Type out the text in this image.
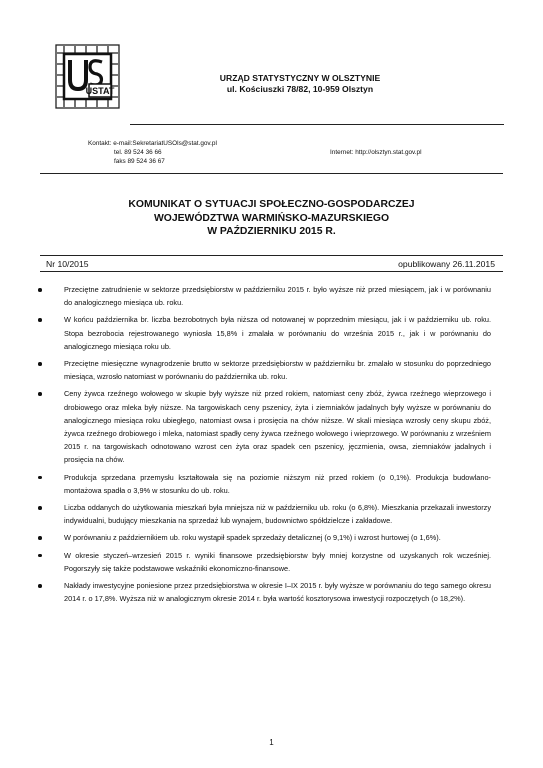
USTAT
URZĄD STATYSTYCZNY W OLSZTYNIE
ul. Kościuszki 78/82, 10-959 Olsztyn
Kontakt: e-mail:SekretariatUSOls@stat.gov.pl
tel. 89 524 36 66
faks 89 524 36 67
Internet: http://olsztyn.stat.gov.pl
KOMUNIKAT O SYTUACJI SPOŁECZNO-GOSPODARCZEJ
WOJEWÓDZTWA WARMIŃSKO-MAZURSKIEGO
W PAŹDZIERNIKU 2015 R.
Nr 10/2015	opublikowany 26.11.2015
Przeciętne zatrudnienie w sektorze przedsiębiorstw w październiku 2015 r. było wyższe niż przed miesiącem, jak i w porównaniu do analogicznego miesiąca ub. roku.
W końcu października br. liczba bezrobotnych była niższa od notowanej w poprzednim miesiącu, jak i w październiku ub. roku. Stopa bezrobocia rejestrowanego wyniosła 15,8% i zmalała w porównaniu do września 2015 r., jak i w porównaniu do analogicznego miesiąca roku ub.
Przeciętne miesięczne wynagrodzenie brutto w sektorze przedsiębiorstw w październiku br. zmalało w stosunku do poprzedniego miesiąca, wzrosło natomiast w porównaniu do października ub. roku.
Ceny żywca rzeźnego wołowego w skupie były wyższe niż przed rokiem, natomiast ceny zbóż, żywca rzeźnego wieprzowego i drobiowego oraz mleka były niższe. Na targowiskach ceny pszenicy, żyta i ziemniaków jadalnych były wyższe w porównaniu do analogicznego miesiąca roku ubiegłego, natomiast owsa i prosięcia na chów niższe. W skali miesiąca wzrosły ceny skupu zbóż, żywca rzeźnego drobiowego i mleka, natomiast spadły ceny żywca rzeźnego wołowego i wieprzowego. W porównaniu z wrześniem 2015 r. na targowiskach odnotowano wzrost cen żyta oraz spadek cen pszenicy, jęczmienia, owsa, ziemniaków jadalnych i prosięcia na chów.
Produkcja sprzedana przemysłu kształtowała się na poziomie niższym niż przed rokiem (o 0,1%). Produkcja budowlano-montażowa spadła o 3,9% w stosunku do ub. roku.
Liczba oddanych do użytkowania mieszkań była mniejsza niż w październiku ub. roku (o 6,8%). Mieszkania przekazali inwestorzy indywidualni, budujący mieszkania na sprzedaż lub wynajem, budownictwo spółdzielcze i zakładowe.
W porównaniu z październikiem ub. roku wystąpił spadek sprzedaży detalicznej (o 9,1%) i wzrost hurtowej (o 1,6%).
W okresie styczeń–wrzesień 2015 r. wyniki finansowe przedsiębiorstw były mniej korzystne od uzyskanych rok wcześniej. Pogorszyły się także podstawowe wskaźniki ekonomiczno-finansowe.
Nakłady inwestycyjne poniesione przez przedsiębiorstwa w okresie I–IX 2015 r. były wyższe w porównaniu do tego samego okresu 2014 r. o 17,8%. Wyższa niż w analogicznym okresie 2014 r. była wartość kosztorysowa inwestycji rozpoczętych (o 18,2%).
1
